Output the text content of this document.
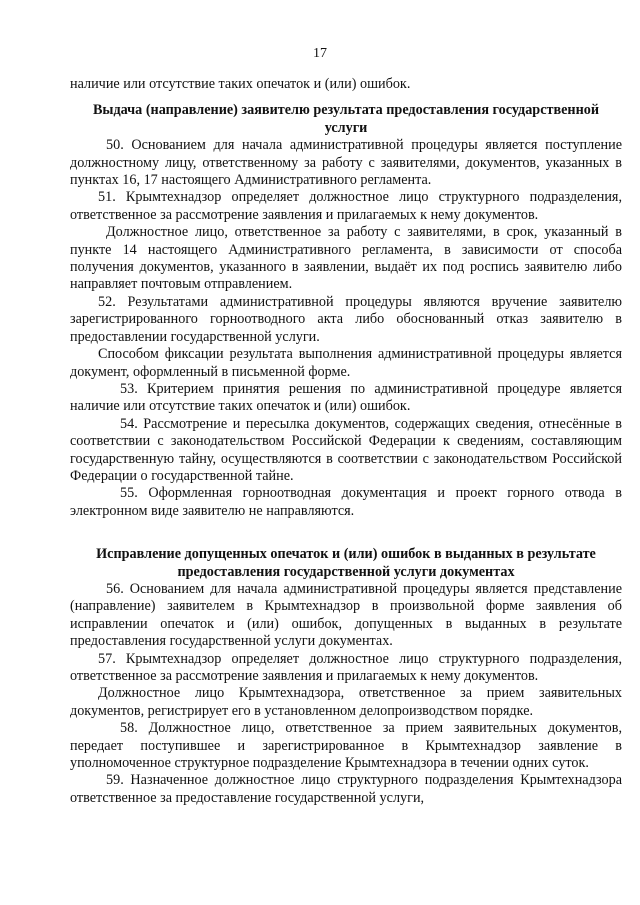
17

наличие или отсутствие таких опечаток и (или) ошибок.

Выдача (направление) заявителю результата предоставления государственной услуги

50. Основанием для начала административной процедуры является поступление должностному лицу, ответственному за работу с заявителями, документов, указанных в пунктах 16, 17 настоящего Административного регламента.

51. Крымтехнадзор определяет должностное лицо структурного подразделения, ответственное за рассмотрение заявления и прилагаемых к нему документов.

Должностное лицо, ответственное за работу с заявителями, в срок, указанный в пункте 14 настоящего Административного регламента, в зависимости от способа получения документов, указанного в заявлении, выдаёт их под роспись заявителю либо направляет почтовым отправлением.

52. Результатами административной процедуры являются вручение заявителю зарегистрированного горноотводного акта либо обоснованный отказ заявителю в предоставлении государственной услуги.

Способом фиксации результата выполнения административной процедуры является документ, оформленный в письменной форме.

53. Критерием принятия решения по административной процедуре является наличие или отсутствие таких опечаток и (или) ошибок.

54. Рассмотрение и пересылка документов, содержащих сведения, отнесённые в соответствии с законодательством Российской Федерации к сведениям, составляющим государственную тайну, осуществляются в соответствии с законодательством Российской Федерации о государственной тайне.

55. Оформленная горноотводная документация и проект горного отвода в электронном виде заявителю не направляются.

Исправление допущенных опечаток и (или) ошибок в выданных в результате предоставления государственной услуги документах

56. Основанием для начала административной процедуры является представление (направление) заявителем в Крымтехнадзор в произвольной форме заявления об исправлении опечаток и (или) ошибок, допущенных в выданных в результате предоставления государственной услуги документах.

57. Крымтехнадзор определяет должностное лицо структурного подразделения, ответственное за рассмотрение заявления и прилагаемых к нему документов.

Должностное лицо Крымтехнадзора, ответственное за прием заявительных документов, регистрирует его в установленном делопроизводством порядке.

58. Должностное лицо, ответственное за прием заявительных документов, передает поступившее и зарегистрированное в Крымтехнадзор заявление в уполномоченное структурное подразделение Крымтехнадзора в течении одних суток.

59. Назначенное должностное лицо структурного подразделения Крымтехнадзора ответственное за предоставление государственной услуги,
